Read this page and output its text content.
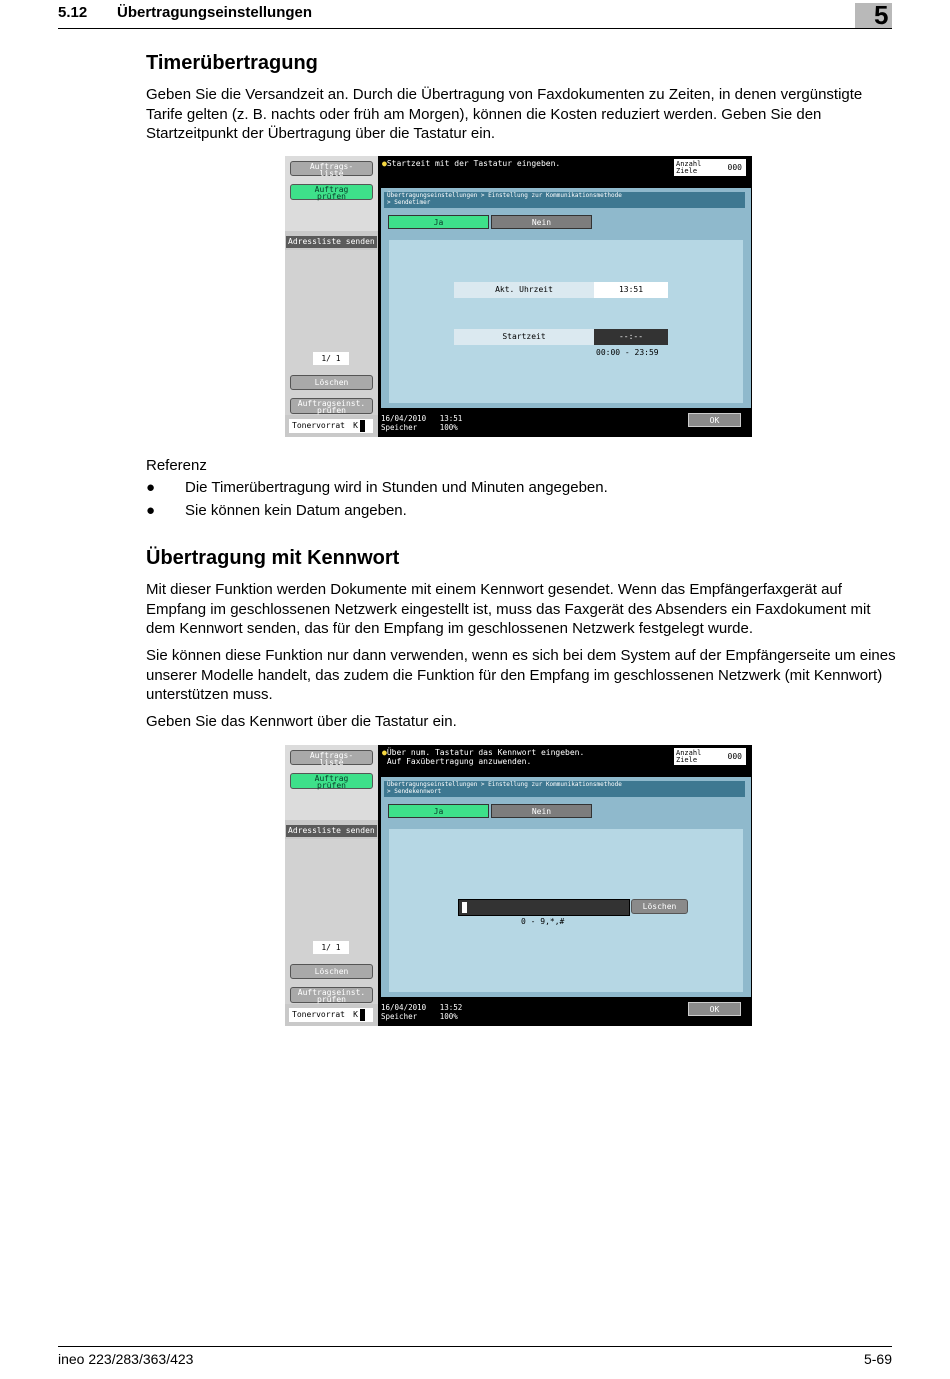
5.12 Übertragungseinstellungen	5
Timerübertragung
Geben Sie die Versandzeit an. Durch die Übertragung von Faxdokumenten zu Zeiten, in denen vergünstigte Tarife gelten (z. B. nachts oder früh am Morgen), können die Kosten reduziert werden. Geben Sie den Startzeitpunkt der Übertragung über die Tastatur ein.
Auftrags-
liste
Auftrag
prüfen
Adressliste senden
1/ 1
Löschen
Auftragseinst.
prüfen
Tonervorrat K
●Startzeit mit der Tastatur eingeben.	Anzahl
Ziele	000
Übertragungseinstellungen > Einstellung zur Kommunikationsmethode
> Sendetimer
Ja	Nein
Akt. Uhrzeit	13:51
Startzeit	--:--
00:00 - 23:59
16/04/2010   13:51
Speicher     100%
OK
Referenz
● Die Timerübertragung wird in Stunden und Minuten angegeben.
● Sie können kein Datum angeben.
Übertragung mit Kennwort
Mit dieser Funktion werden Dokumente mit einem Kennwort gesendet. Wenn das Empfängerfaxgerät auf Empfang im geschlossenen Netzwerk eingestellt ist, muss das Faxgerät des Absenders ein Faxdokument mit dem Kennwort senden, das für den Empfang im geschlossenen Netzwerk festgelegt wurde.
Sie können diese Funktion nur dann verwenden, wenn es sich bei dem System auf der Empfängerseite um eines unserer Modelle handelt, das zudem die Funktion für den Empfang im geschlossenen Netzwerk (mit Kennwort) unterstützen muss.
Geben Sie das Kennwort über die Tastatur ein.
Auftrags-
liste
Auftrag
prüfen
Adressliste senden
1/ 1
Löschen
Auftragseinst.
prüfen
Tonervorrat K
●Über num. Tastatur das Kennwort eingeben.
Auf Faxübertragung anzuwenden.
Anzahl
Ziele	000
Übertragungseinstellungen > Einstellung zur Kommunikationsmethode
> Sendekennwort
Ja	Nein
Löschen
0 - 9,*,#
16/04/2010   13:52
Speicher     100%
OK
ineo 223/283/363/423	5-69
